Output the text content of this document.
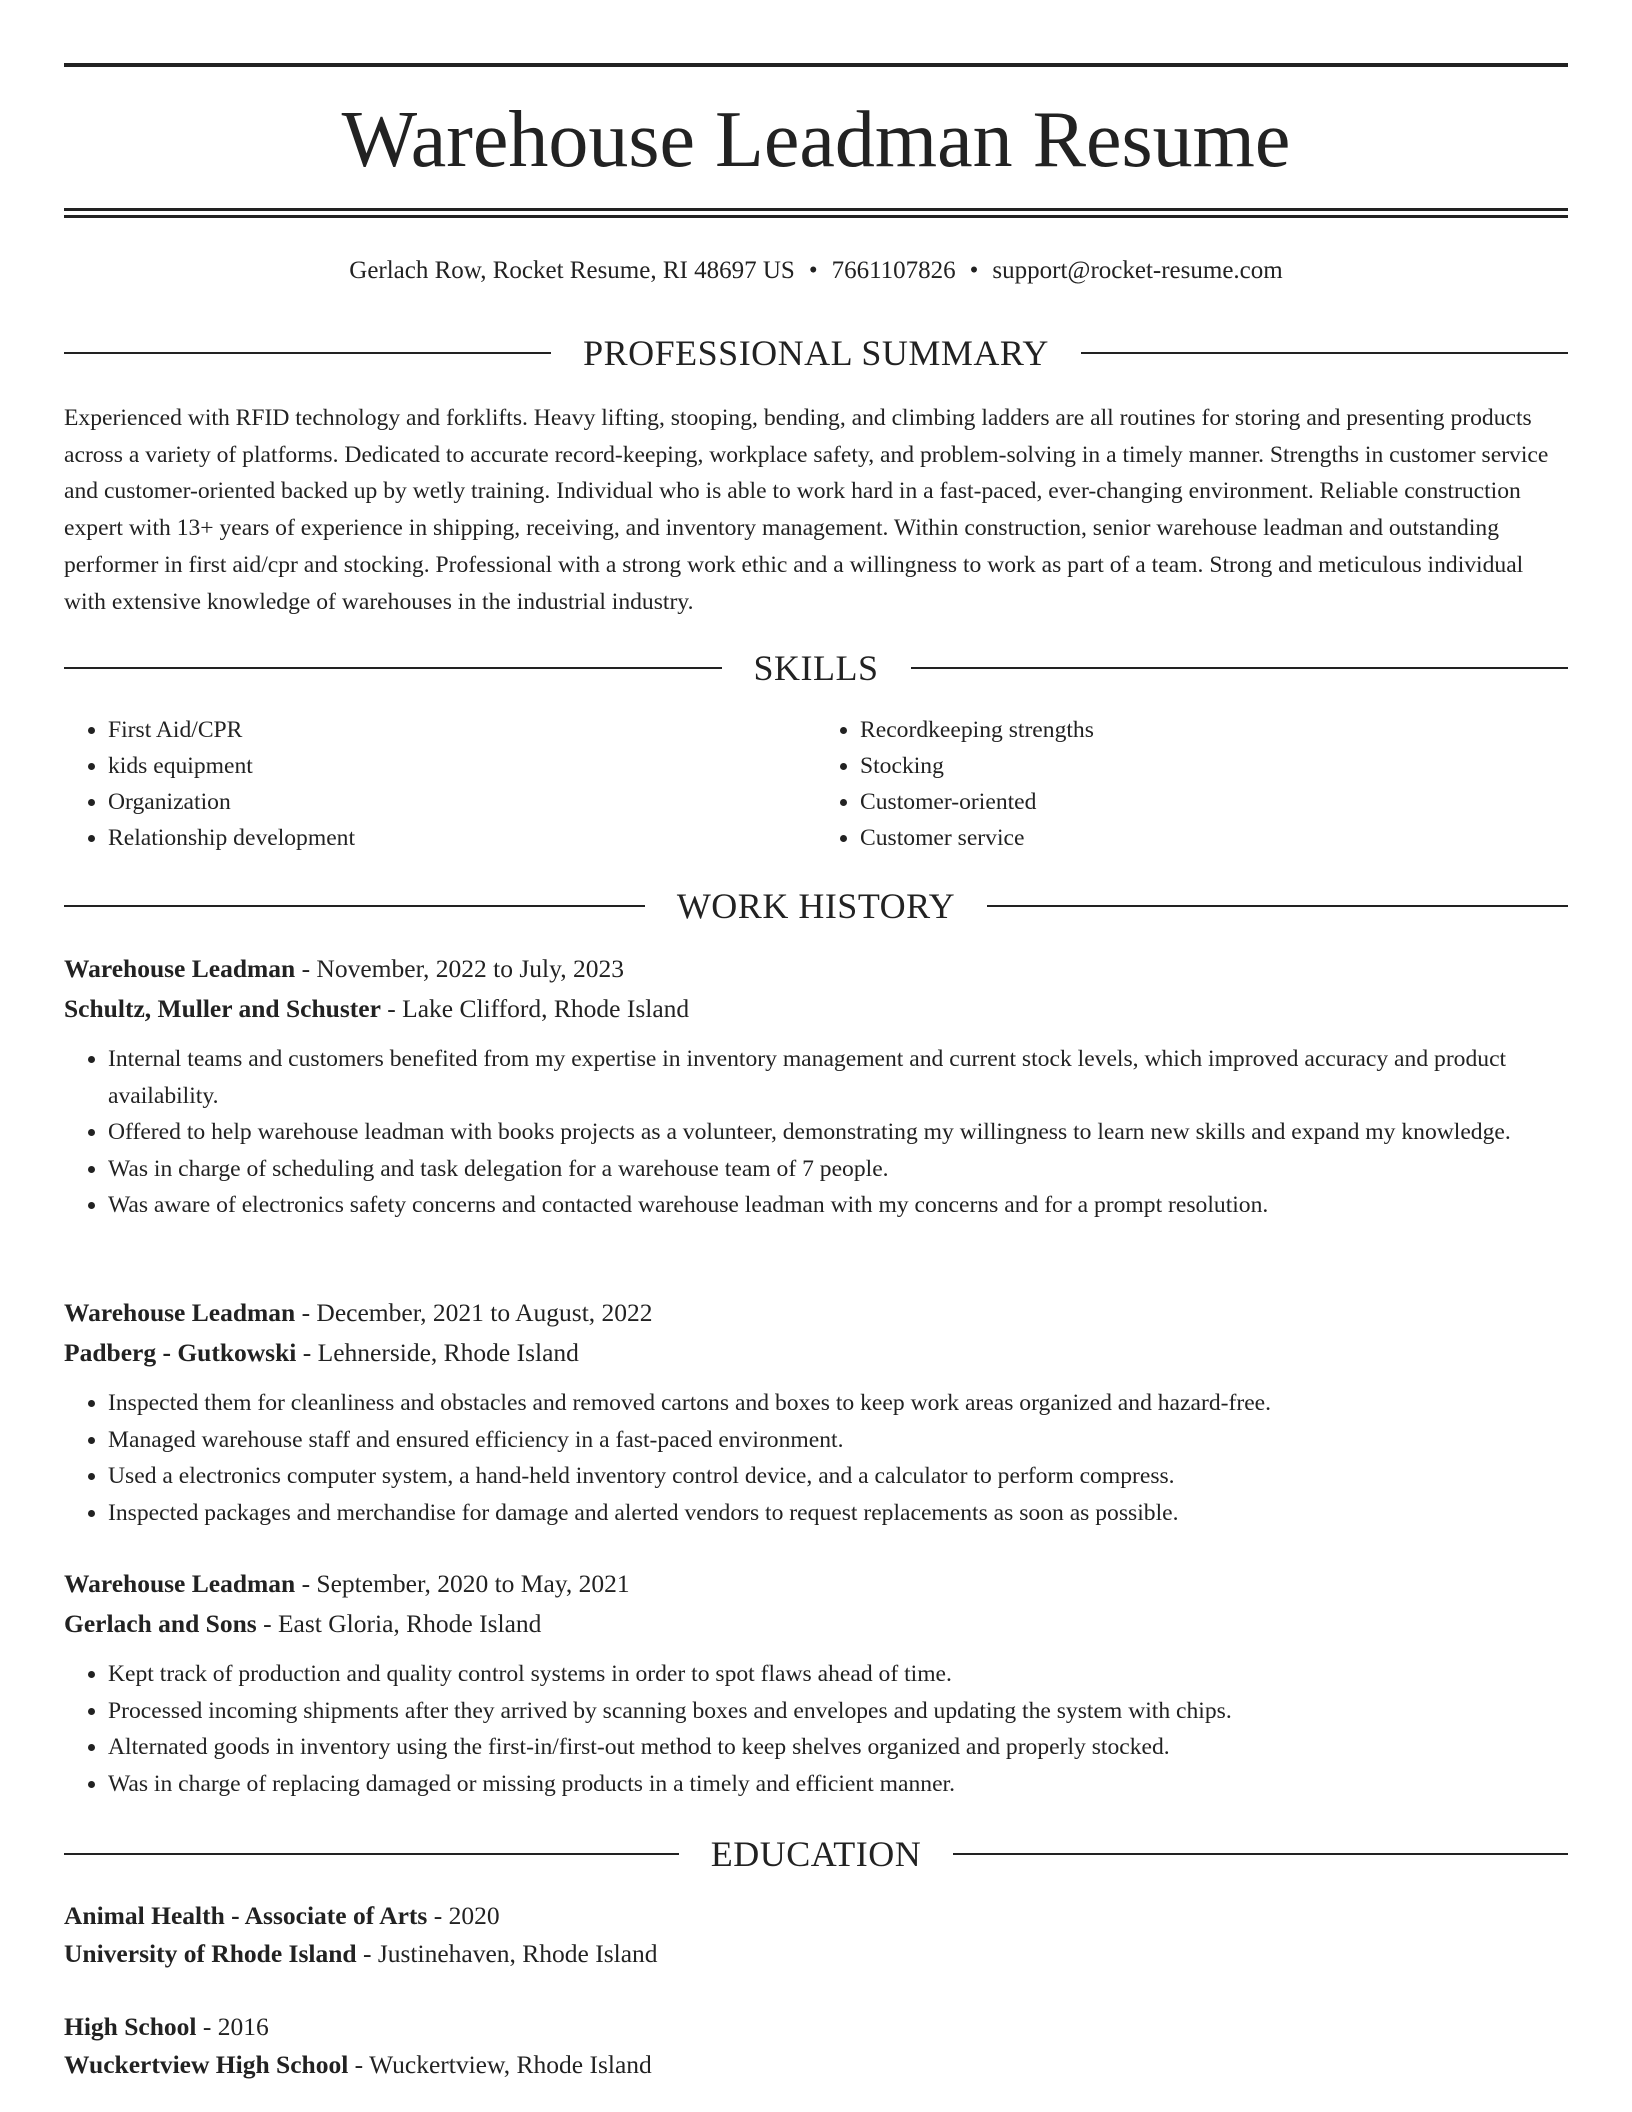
Warehouse Leadman Resume
Gerlach Row, Rocket Resume, RI 48697 US • 7661107826 • support@rocket-resume.com
PROFESSIONAL SUMMARY

Experienced with RFID technology and forklifts. Heavy lifting, stooping, bending, and climbing ladders are all routines for storing and presenting products across a variety of platforms. Dedicated to accurate record-keeping, workplace safety, and problem-solving in a timely manner. Strengths in customer service and customer-oriented backed up by wetly training. Individual who is able to work hard in a fast-paced, ever-changing environment. Reliable construction expert with 13+ years of experience in shipping, receiving, and inventory management. Within construction, senior warehouse leadman and outstanding performer in first aid/cpr and stocking. Professional with a strong work ethic and a willingness to work as part of a team. Strong and meticulous individual with extensive knowledge of warehouses in the industrial industry.

SKILLS
• First Aid/CPR
• kids equipment
• Organization
• Relationship development
• Recordkeeping strengths
• Stocking
• Customer-oriented
• Customer service
WORK HISTORY
Warehouse Leadman - November, 2022 to July, 2023
Schultz, Muller and Schuster - Lake Clifford, Rhode Island
• Internal teams and customers benefited from my expertise in inventory management and current stock levels, which improved accuracy and product availability.
• Offered to help warehouse leadman with books projects as a volunteer, demonstrating my willingness to learn new skills and expand my knowledge.
• Was in charge of scheduling and task delegation for a warehouse team of 7 people.
• Was aware of electronics safety concerns and contacted warehouse leadman with my concerns and for a prompt resolution.
Warehouse Leadman - December, 2021 to August, 2022
Padberg - Gutkowski - Lehnerside, Rhode Island
• Inspected them for cleanliness and obstacles and removed cartons and boxes to keep work areas organized and hazard-free.
• Managed warehouse staff and ensured efficiency in a fast-paced environment.
• Used a electronics computer system, a hand-held inventory control device, and a calculator to perform compress.
• Inspected packages and merchandise for damage and alerted vendors to request replacements as soon as possible.
Warehouse Leadman - September, 2020 to May, 2021
Gerlach and Sons - East Gloria, Rhode Island
• Kept track of production and quality control systems in order to spot flaws ahead of time.
• Processed incoming shipments after they arrived by scanning boxes and envelopes and updating the system with chips.
• Alternated goods in inventory using the first-in/first-out method to keep shelves organized and properly stocked.
• Was in charge of replacing damaged or missing products in a timely and efficient manner.
EDUCATION
Animal Health - Associate of Arts - 2020
University of Rhode Island - Justinehaven, Rhode Island
High School - 2016
Wuckertview High School - Wuckertview, Rhode Island
